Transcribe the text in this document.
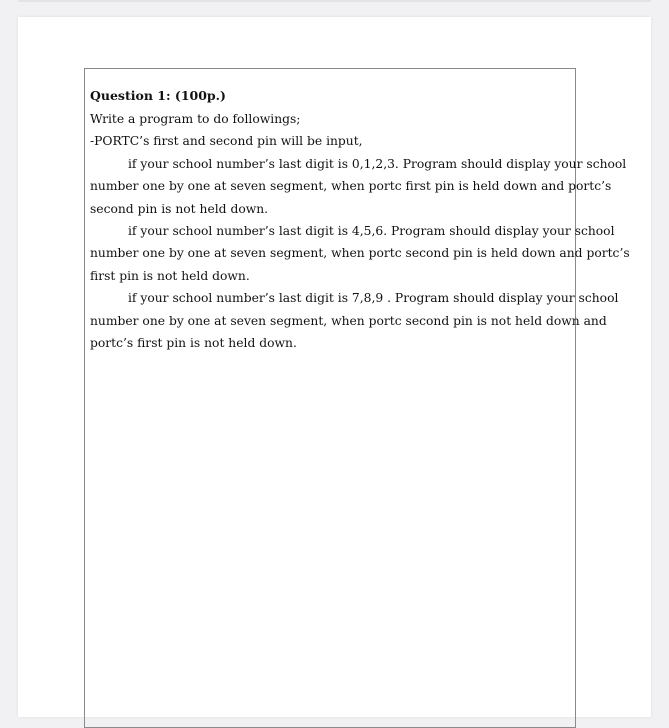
Question 1: (100p.)
Write a program to do followings;
-PORTC’s first and second pin will be input,
if your school number’s last digit is 0,1,2,3. Program should display your school
number one by one at seven segment, when portc first pin is held down and portc’s
second pin is not held down.
if your school number’s last digit is 4,5,6. Program should display your school
number one by one at seven segment, when portc second pin is held down and portc’s
first pin is not held down.
if your school number’s last digit is 7,8,9 . Program should display your school
number one by one at seven segment, when portc second pin is not held down and
portc’s first pin is not held down.
